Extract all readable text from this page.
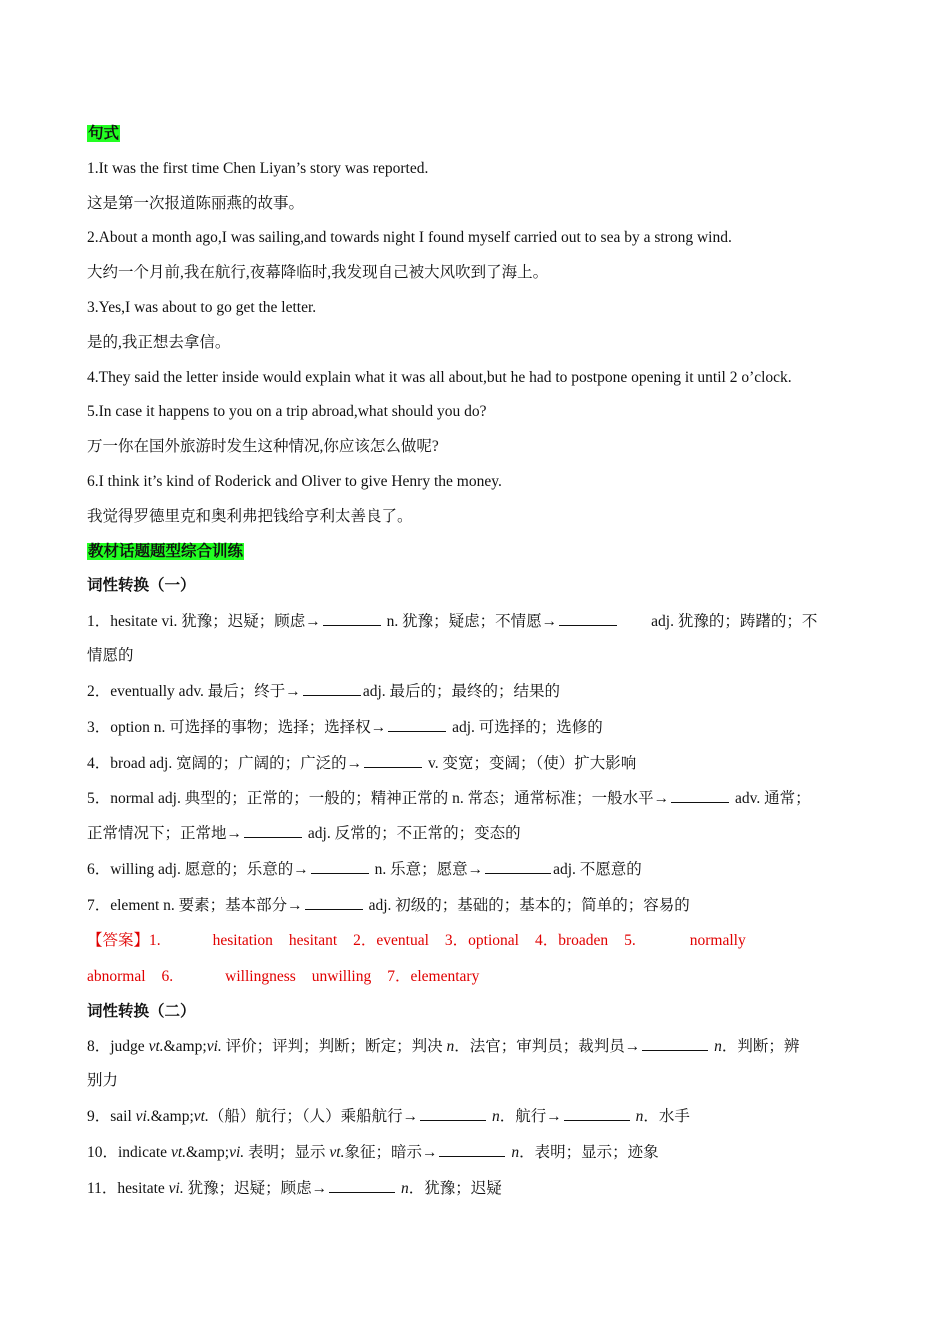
句式
1.It was the first time Chen Liyan’s story was reported.
这是第一次报道陈丽燕的故事。
2.About a month ago,I was sailing,and towards night I found myself carried out to sea by a strong wind.
大约一个月前,我在航行,夜幕降临时,我发现自己被大风吹到了海上。
3.Yes,I was about to go get the letter.
是的,我正想去拿信。
4.They said the letter inside would explain what it was all about,but he had to postpone opening it until 2 o’clock.
5.In case it happens to you on a trip abroad,what should you do?
万一你在国外旅游时发生这种情况,你应该怎么做呢?
6.I think it’s kind of Roderick and Oliver to give Henry the money.
我觉得罗德里克和奥利弗把钱给亨利太善良了。
教材话题题型综合训练
词性转换（一）
1．hesitate vi. 犹豫；迟疑；顾虑→	n. 犹豫；疑虑；不情愿→	adj. 犹豫的；踌躇的；不
情愿的
2．eventually adv. 最后；终于→	adj. 最后的；最终的；结果的
3．option n. 可选择的事物；选择；选择权→	adj. 可选择的；选修的
4．broad adj. 宽阔的；广阔的；广泛的→	v. 变宽；变阔；（使）扩大影响
5．normal adj. 典型的；正常的；一般的；精神正常的 n. 常态；通常标准；一般水平→	adv. 通常；
正常情况下；正常地→	adj. 反常的；不正常的；变态的
6．willing adj. 愿意的；乐意的→	n. 乐意；愿意→	adj. 不愿意的
7．element n. 要素；基本部分→	adj. 初级的；基础的；基本的；简单的；容易的
【答案】1.	hesitation hesitant 2．eventual 3．optional 4．broaden 5.	normally
abnormal 6.	willingness unwilling 7．elementary
词性转换（二）
8．judge vt.&amp;vi. 评价；评判；判断；断定；判决 n．法官；审判员；裁判员→	n．判断；辨
别力
9．sail vi.&amp;vt.（船）航行；（人）乘船航行→	n．航行→	n．水手
10．indicate vt.&amp;vi. 表明；显示 vt.象征；暗示→	n．表明；显示；迹象
11．hesitate vi. 犹豫；迟疑；顾虑→	n．犹豫；迟疑
